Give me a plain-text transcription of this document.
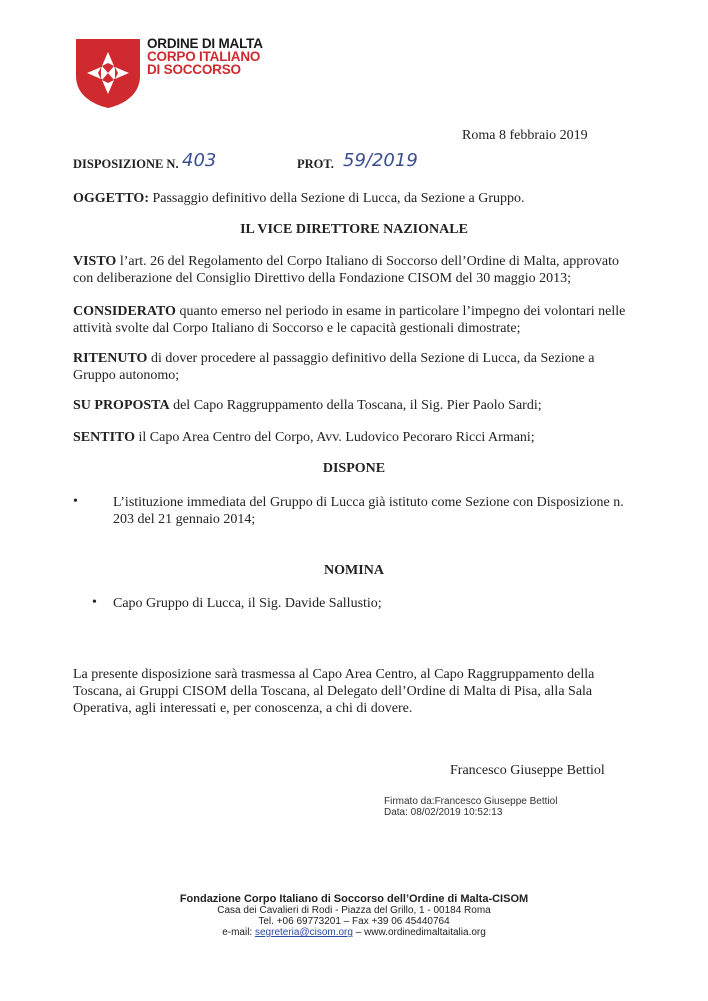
ORDINE DI MALTA
CORPO ITALIANO
DI SOCCORSO
Roma 8 febbraio 2019
DISPOSIZIONE N. 403	PROT. 59/2019
OGGETTO: Passaggio definitivo della Sezione di Lucca, da Sezione a Gruppo.
IL VICE DIRETTORE NAZIONALE
VISTO l’art. 26 del Regolamento del Corpo Italiano di Soccorso dell’Ordine di Malta, approvato con deliberazione del Consiglio Direttivo della Fondazione CISOM del 30 maggio 2013;
CONSIDERATO quanto emerso nel periodo in esame in particolare l’impegno dei volontari nelle attività svolte dal Corpo Italiano di Soccorso e le capacità gestionali dimostrate;
RITENUTO di dover procedere al passaggio definitivo della Sezione di Lucca, da Sezione a Gruppo autonomo;
SU PROPOSTA del Capo Raggruppamento della Toscana, il Sig. Pier Paolo Sardi;
SENTITO il Capo Area Centro del Corpo, Avv. Ludovico Pecoraro Ricci Armani;
DISPONE
•	L’istituzione immediata del Gruppo di Lucca già istituto come Sezione con Disposizione n. 203 del 21 gennaio 2014;
NOMINA
• Capo Gruppo di Lucca, il Sig. Davide Sallustio;
La presente disposizione sarà trasmessa al Capo Area Centro, al Capo Raggruppamento della Toscana, ai Gruppi CISOM della Toscana, al Delegato dell’Ordine di Malta di Pisa, alla Sala Operativa, agli interessati e, per conoscenza, a chi di dovere.
Francesco Giuseppe Bettiol
Firmato da:Francesco Giuseppe Bettiol
Data: 08/02/2019 10:52:13
Fondazione Corpo Italiano di Soccorso dell’Ordine di Malta-CISOM
Casa dei Cavalieri di Rodi - Piazza del Grillo, 1 - 00184 Roma
Tel. +06 69773201 – Fax +39 06 45440764
e-mail: segreteria@cisom.org – www.ordinedimaltaitalia.org
